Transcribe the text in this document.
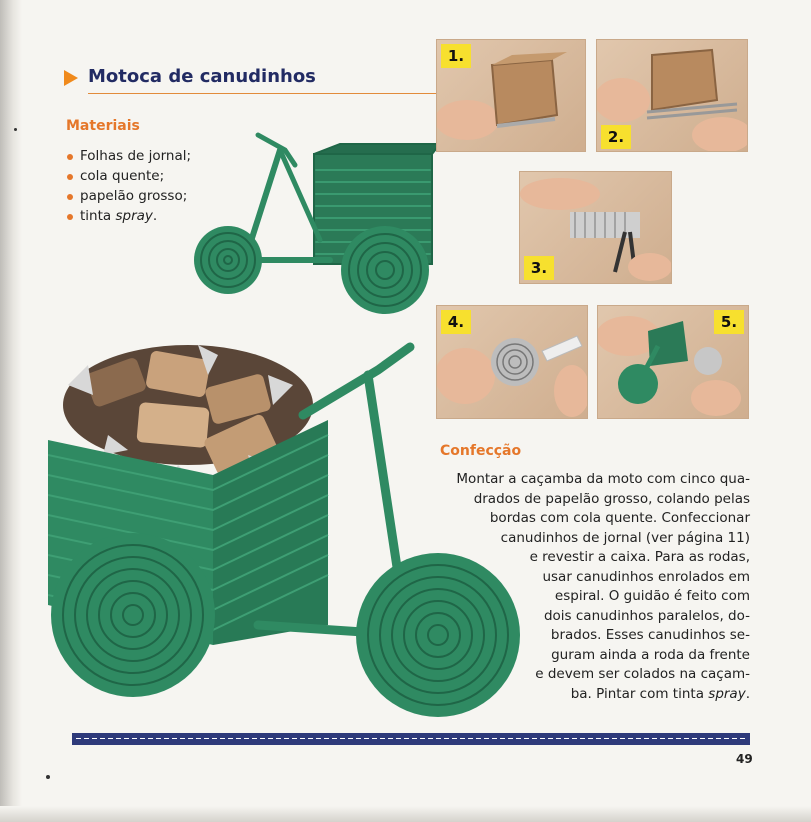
Motoca de canudinhos
Materiais
Folhas de jornal;
cola quente;
papelão grosso;
tinta spray.
1.
2.
3.
4.	5.
Confecção
Montar a caçamba da moto com cinco qua-
drados de papelão grosso, colando pelas
bordas com cola quente. Confeccionar
canudinhos de jornal (ver página 11)
e revestir a caixa. Para as rodas,
usar canudinhos enrolados em
espiral. O guidão é feito com
dois canudinhos paralelos, do-
brados. Esses canudinhos se-
guram ainda a roda da frente
e devem ser colados na caçam-
ba. Pintar com tinta spray.
49
